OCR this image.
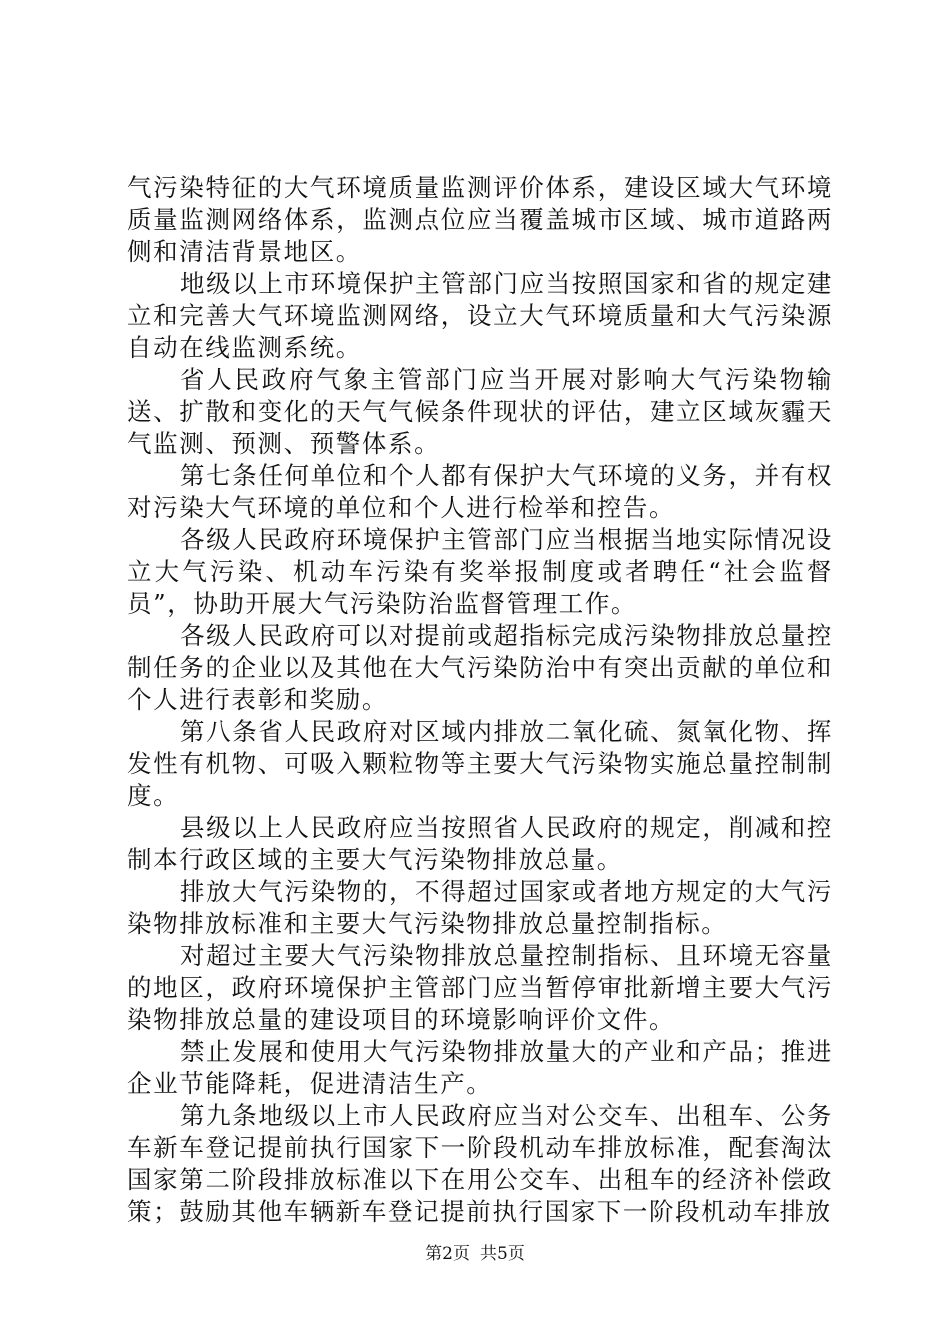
气污染特征的大气环境质量监测评价体系，建设区域大气环境质量监测网络体系，监测点位应当覆盖城市区域、城市道路两侧和清洁背景地区。

地级以上市环境保护主管部门应当按照国家和省的规定建立和完善大气环境监测网络，设立大气环境质量和大气污染源自动在线监测系统。

省人民政府气象主管部门应当开展对影响大气污染物输送、扩散和变化的天气气候条件现状的评估，建立区域灰霾天气监测、预测、预警体系。

第七条任何单位和个人都有保护大气环境的义务，并有权对污染大气环境的单位和个人进行检举和控告。

各级人民政府环境保护主管部门应当根据当地实际情况设立大气污染、机动车污染有奖举报制度或者聘任“社会监督员”，协助开展大气污染防治监督管理工作。

各级人民政府可以对提前或超指标完成污染物排放总量控制任务的企业以及其他在大气污染防治中有突出贡献的单位和个人进行表彰和奖励。

第八条省人民政府对区域内排放二氧化硫、氮氧化物、挥发性有机物、可吸入颗粒物等主要大气污染物实施总量控制制度。

县级以上人民政府应当按照省人民政府的规定，削减和控制本行政区域的主要大气污染物排放总量。

排放大气污染物的，不得超过国家或者地方规定的大气污染物排放标准和主要大气污染物排放总量控制指标。

对超过主要大气污染物排放总量控制指标、且环境无容量的地区，政府环境保护主管部门应当暂停审批新增主要大气污染物排放总量的建设项目的环境影响评价文件。

禁止发展和使用大气污染物排放量大的产业和产品；推进企业节能降耗，促进清洁生产。

第九条地级以上市人民政府应当对公交车、出租车、公务车新车登记提前执行国家下一阶段机动车排放标准，配套淘汰国家第二阶段排放标准以下在用公交车、出租车的经济补偿政策；鼓励其他车辆新车登记提前执行国家下一阶段机动车排放

第2页 共5页
